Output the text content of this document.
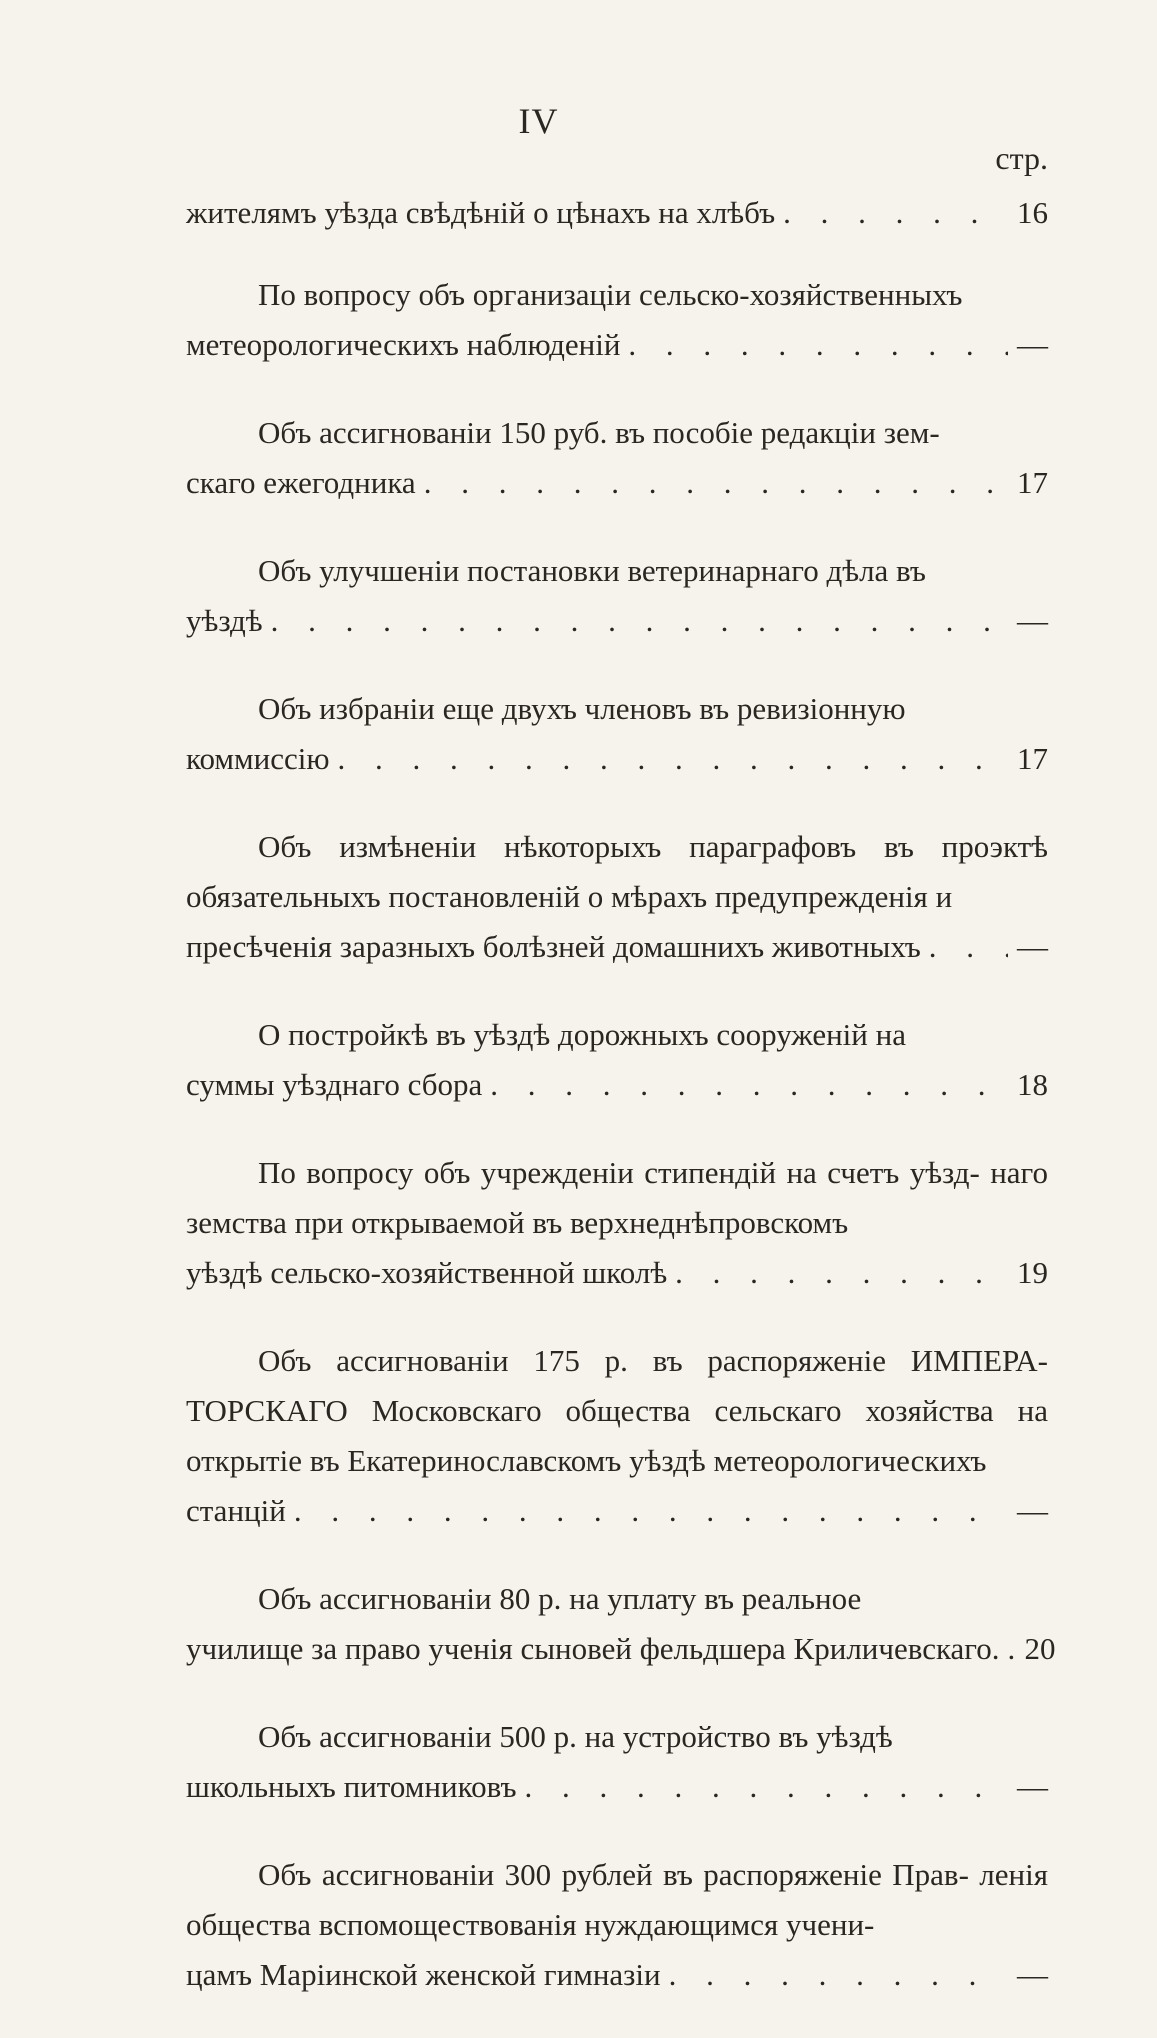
IV
стр.
жителямъ уѣзда свѣдѣній о цѣнахъ на хлѣбъ . . .	16
По вопросу объ организаціи сельско-хозяйственныхъ
метеорологическихъ наблюденій . . .	—
Объ ассигнованіи 150 руб. въ пособіе редакціи зем-
скаго ежегодника . . .	17
Объ улучшеніи постановки ветеринарнаго дѣла въ
уѣздѣ . . .	—
Объ избраніи еще двухъ членовъ въ ревизіонную
коммиссію . . .	17
Объ измѣненіи нѣкоторыхъ параграфовъ въ проэктѣ обязательныхъ постановленій о мѣрахъ предупрежденія и
пресѣченія заразныхъ болѣзней домашнихъ животныхъ . . .	—
О постройкѣ въ уѣздѣ дорожныхъ сооруженій на
суммы уѣзднаго сбора . . .	18
По вопросу объ учрежденіи стипендій на счетъ уѣзд- наго земства при открываемой въ верхнеднѣпровскомъ
уѣздѣ сельско-хозяйственной школѣ . . .	19
Объ ассигнованіи 175 р. въ распоряженіе ИМПЕРА- ТОРСКАГО Московскаго общества сельскаго хозяйства на открытіе въ Екатеринославскомъ уѣздѣ метеорологическихъ
станцій . . .	—
Объ ассигнованіи 80 р. на уплату въ реальное
училище за право ученія сыновей фельдшера Криличевскаго. . . . 20
Объ ассигнованіи 500 р. на устройство въ уѣздѣ
школьныхъ питомниковъ . . .	—
Объ ассигнованіи 300 рублей въ распоряженіе Прав- ленія общества вспомоществованія нуждающимся учени-
цамъ Маріинской женской гимназіи . . .	—
